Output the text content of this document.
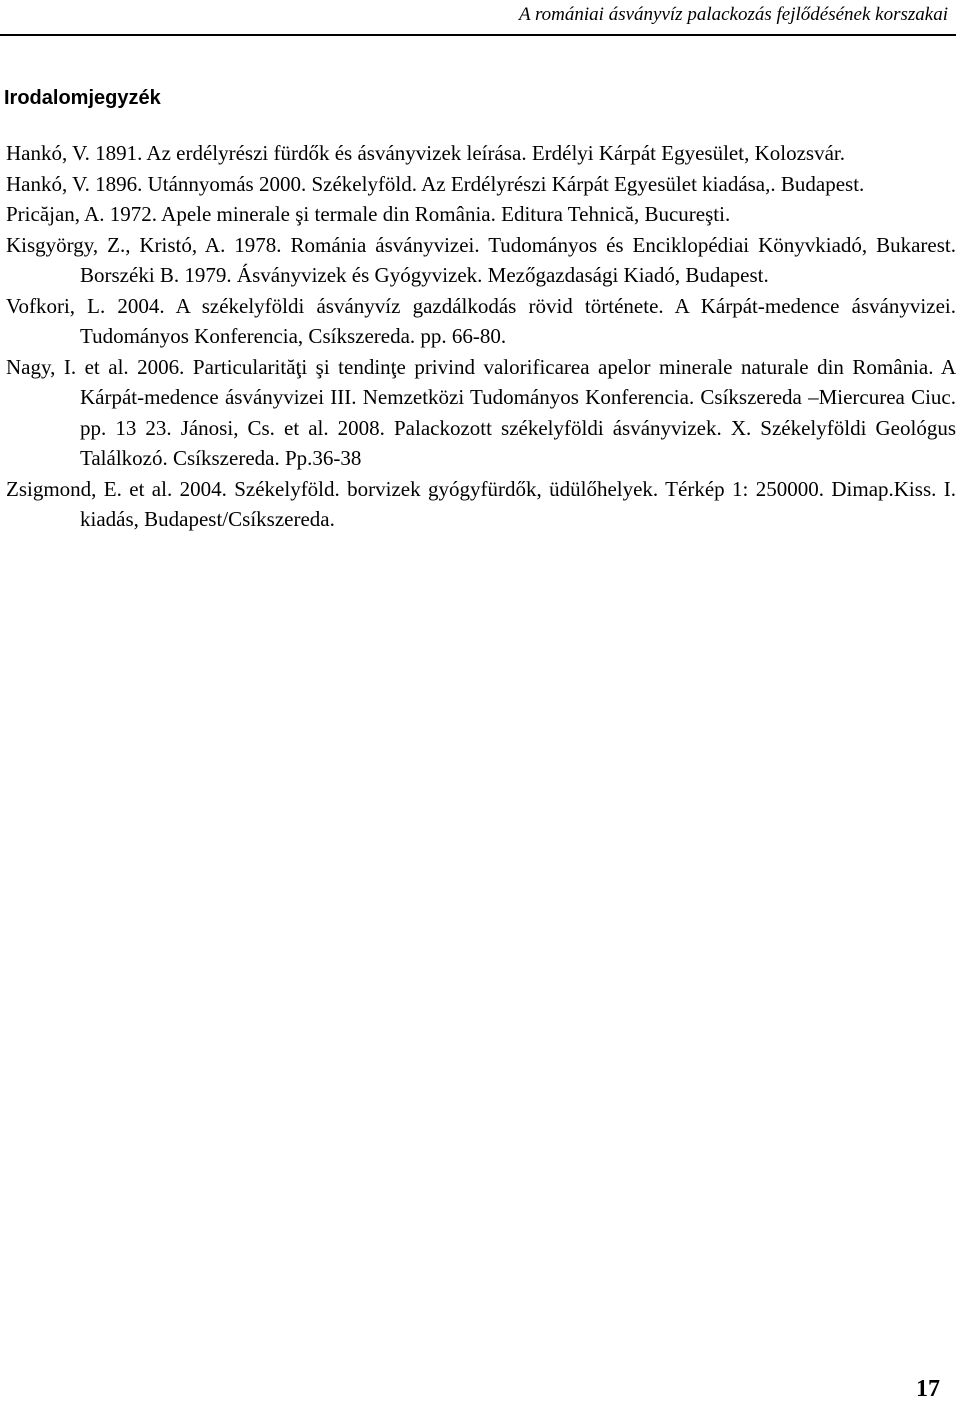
A romániai ásványvíz palackozás fejlődésének korszakai
Irodalomjegyzék
Hankó, V. 1891. Az erdélyrészi fürdők és ásványvizek leírása. Erdélyi Kárpát Egyesület, Kolozsvár.
Hankó, V. 1896. Utánnyomás 2000. Székelyföld. Az Erdélyrészi Kárpát Egyesület kiadása,. Budapest.
Pricăjan, A. 1972. Apele minerale şi termale din România. Editura Tehnică, Bucureşti.
Kisgyörgy, Z., Kristó, A. 1978. Románia ásványvizei. Tudományos és Enciklopédiai Könyvkiadó, Bukarest. Borszéki B. 1979. Ásványvizek és Gyógyvizek. Mezőgazdasági Kiadó, Budapest.
Vofkori, L. 2004. A székelyföldi ásványvíz gazdálkodás rövid története. A Kárpát-medence ásványvizei. Tudományos Konferencia, Csíkszereda. pp. 66-80.
Nagy, I. et al. 2006. Particularităţi şi tendinţe privind valorificarea apelor minerale naturale din România. A Kárpát-medence ásványvizei III. Nemzetközi Tudományos Konferencia. Csíkszereda –Miercurea Ciuc. pp. 13 23. Jánosi, Cs. et al. 2008. Palackozott székelyföldi ásványvizek. X. Székelyföldi Geológus Találkozó. Csíkszereda. Pp.36-38
Zsigmond, E. et al. 2004. Székelyföld. borvizek gyógyfürdők, üdülőhelyek. Térkép 1: 250000. Dimap.Kiss. I. kiadás, Budapest/Csíkszereda.
17
